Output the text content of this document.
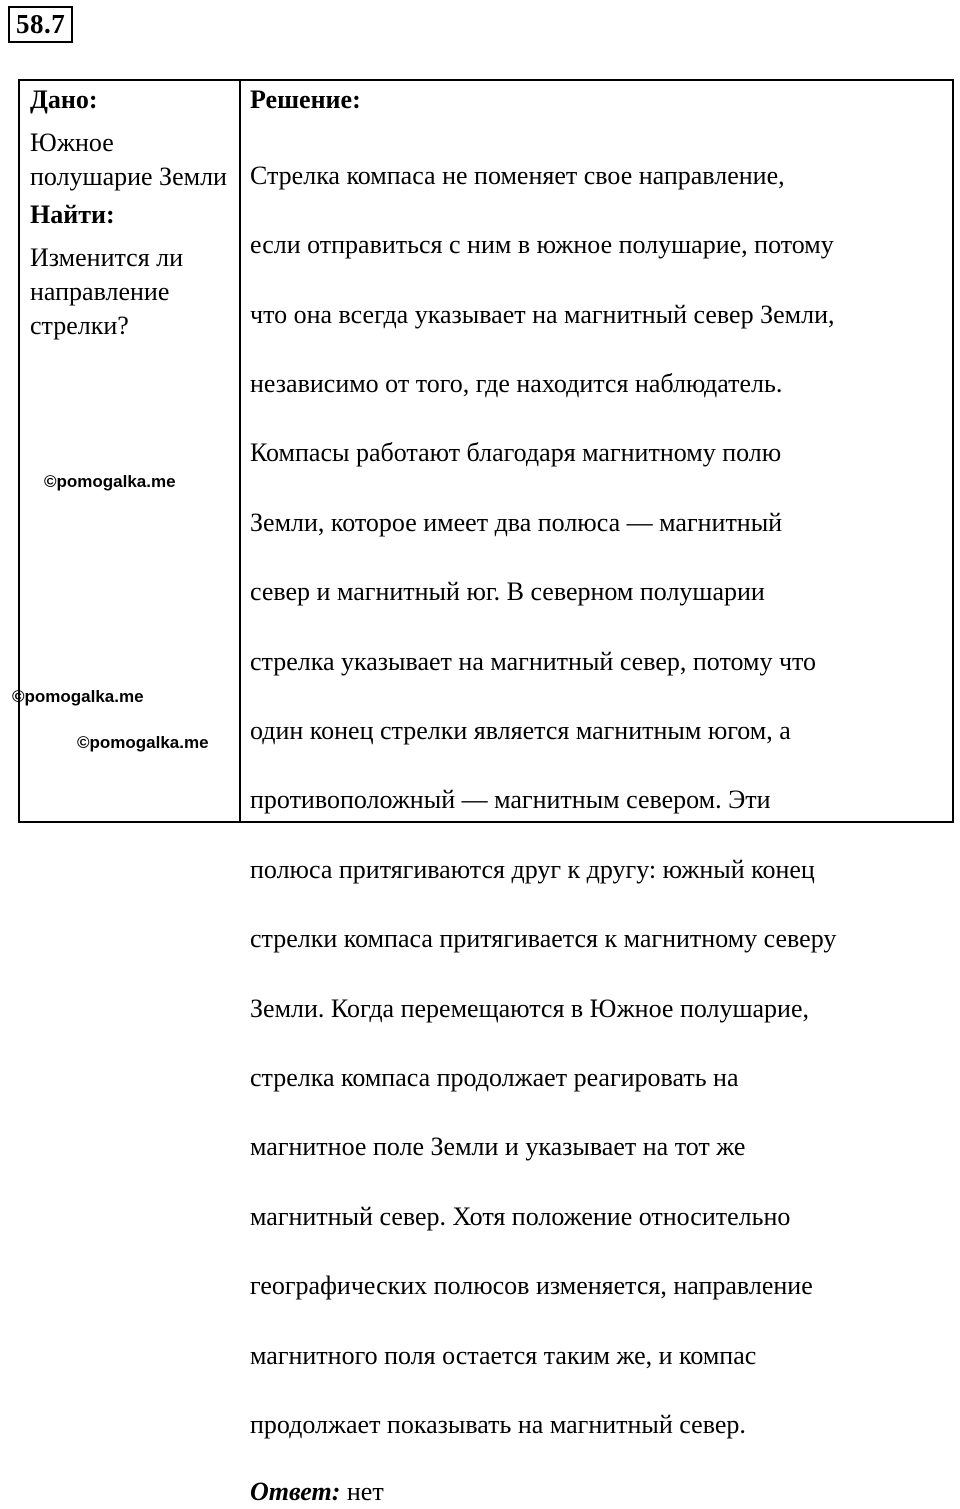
58.7
Дано:

Южное полушарие Земли

Найти:

Изменится ли направление стрелки?

Решение:

Стрелка компаса не поменяет свое направление,

если отправиться с ним в южное полушарие, потому

что она всегда указывает на магнитный север Земли,

независимо от того, где находится наблюдатель.

Компасы работают благодаря магнитному полю

Земли, которое имеет два полюса — магнитный

север и магнитный юг. В северном полушарии

стрелка указывает на магнитный север, потому что

один конец стрелки является магнитным югом, а

противоположный — магнитным севером. Эти

полюса притягиваются друг к другу: южный конец

стрелки компаса притягивается к магнитному северу

Земли. Когда перемещаются в Южное полушарие,

стрелка компаса продолжает реагировать на

магнитное поле Земли и указывает на тот же

магнитный север. Хотя положение относительно

географических полюсов изменяется, направление

магнитного поля остается таким же, и компас

продолжает показывать на магнитный север.

Ответ: нет
©pomogalka.me
©pomogalka.me
©pomogalka.me
